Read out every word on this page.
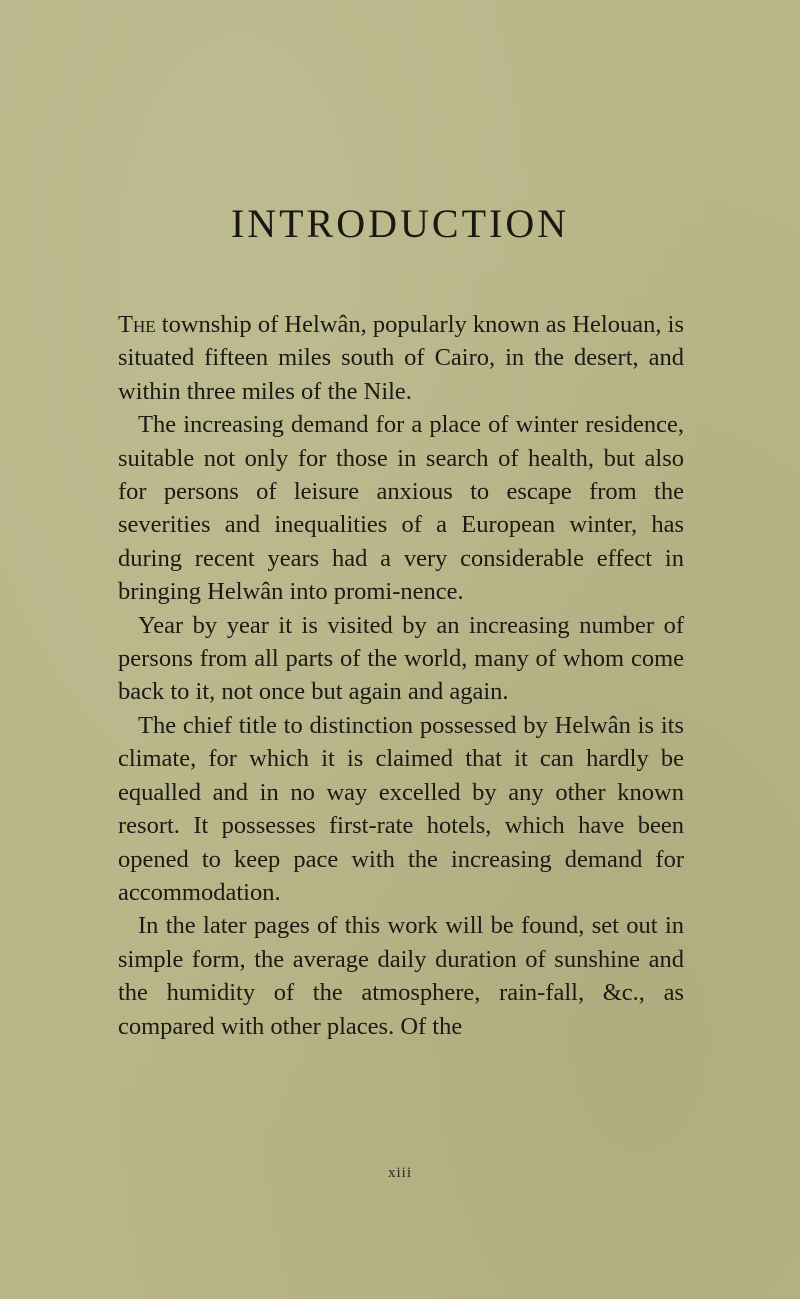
INTRODUCTION

The township of Helwân, popularly known as Helouan, is situated fifteen miles south of Cairo, in the desert, and within three miles of the Nile.

The increasing demand for a place of winter residence, suitable not only for those in search of health, but also for persons of leisure anxious to escape from the severities and inequalities of a European winter, has during recent years had a very considerable effect in bringing Helwân into promi-nence.

Year by year it is visited by an increasing number of persons from all parts of the world, many of whom come back to it, not once but again and again.

The chief title to distinction possessed by Helwân is its climate, for which it is claimed that it can hardly be equalled and in no way excelled by any other known resort. It possesses first-rate hotels, which have been opened to keep pace with the increasing demand for accommodation.

In the later pages of this work will be found, set out in simple form, the average daily duration of sunshine and the humidity of the atmosphere, rain-fall, &c., as compared with other places. Of the

xiii
